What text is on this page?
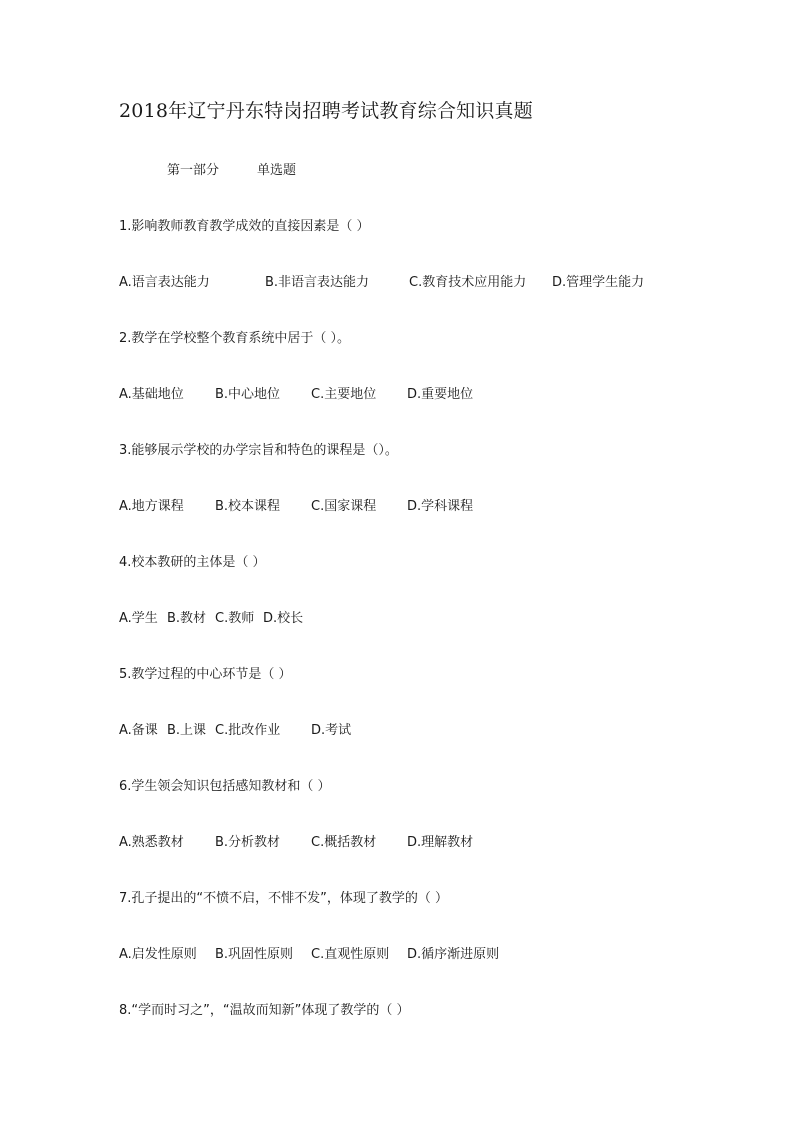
2018年辽宁丹东特岗招聘考试教育综合知识真题
第一部分	单选题
1.影响教师教育教学成效的直接因素是（ ）
A.语言表达能力	B.非语言表达能力	C.教育技术应用能力 D.管理学生能力
2.教学在学校整个教育系统中居于（ ）。
A.基础地位 B.中心地位 C.主要地位 D.重要地位
3.能够展示学校的办学宗旨和特色的课程是（）。
A.地方课程 B.校本课程 C.国家课程 D.学科课程
4.校本教研的主体是（ ）
A.学生 B.教材 C.教师 D.校长
5.教学过程的中心环节是（ ）
A.备课 B.上课 C.批改作业 D.考试
6.学生领会知识包括感知教材和（ ）
A.熟悉教材 B.分析教材 C.概括教材 D.理解教材
7.孔子提出的“不愤不启，不悱不发”，体现了教学的（ ）
A.启发性原则 B.巩固性原则 C.直观性原则 D.循序渐进原则
8.“学而时习之”，“温故而知新”体现了教学的（ ）
